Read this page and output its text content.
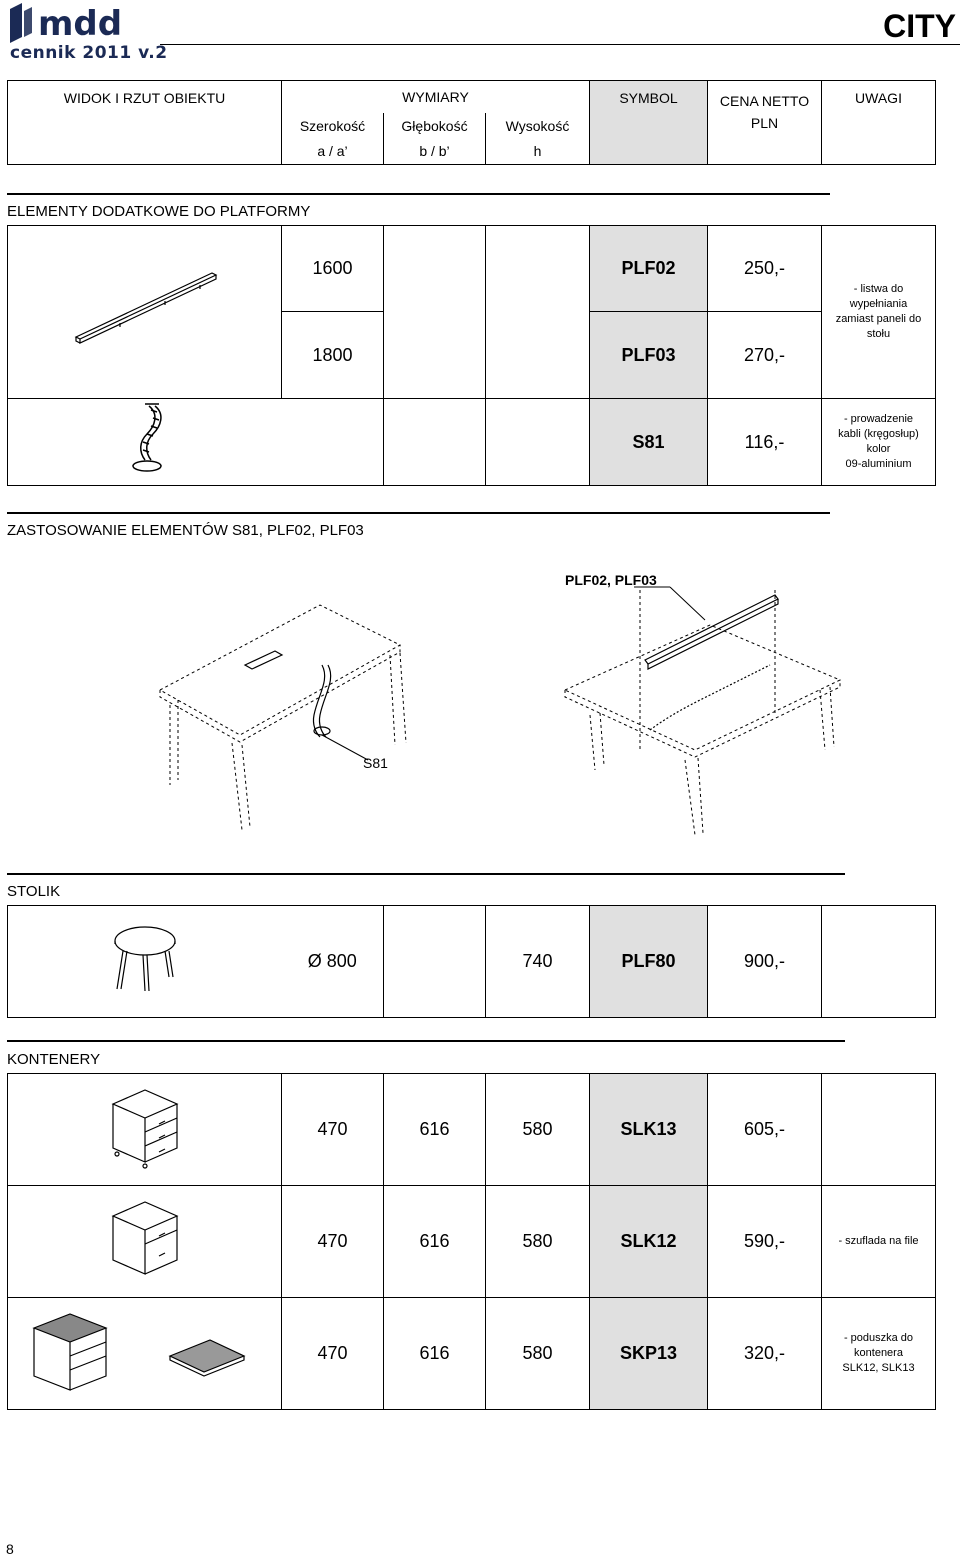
mdd
cennik 2011 v.2
CITY
WIDOK I RZUT OBIEKTU	WYMIARY			SYMBOL	CENA NETTO
PLN	UWAGI
	Szerokość	Głębokość	Wysokość			
	a / a’	b / b’	h			
ELEMENTY DODATKOWE DO PLATFORMY
	1600			PLF02	250,-	- listwa do
wypełniania
zamiast paneli do
stołu

	1800			PLF03	270,-	
				S81	116,-	- prowadzenie
kabli (kręgosłup)
kolor
09-aluminium
ZASTOSOWANIE ELEMENTÓW S81, PLF02, PLF03
S81
PLF02, PLF03
STOLIK
	Ø 800		740	PLF80	900,-	
KONTENERY
	470	616	580	SLK13	605,-	
	470	616	580	SLK12	590,-	- szuflada na file

	470	616	580	SKP13	320,-	- poduszka do
kontenera
SLK12, SLK13
8
